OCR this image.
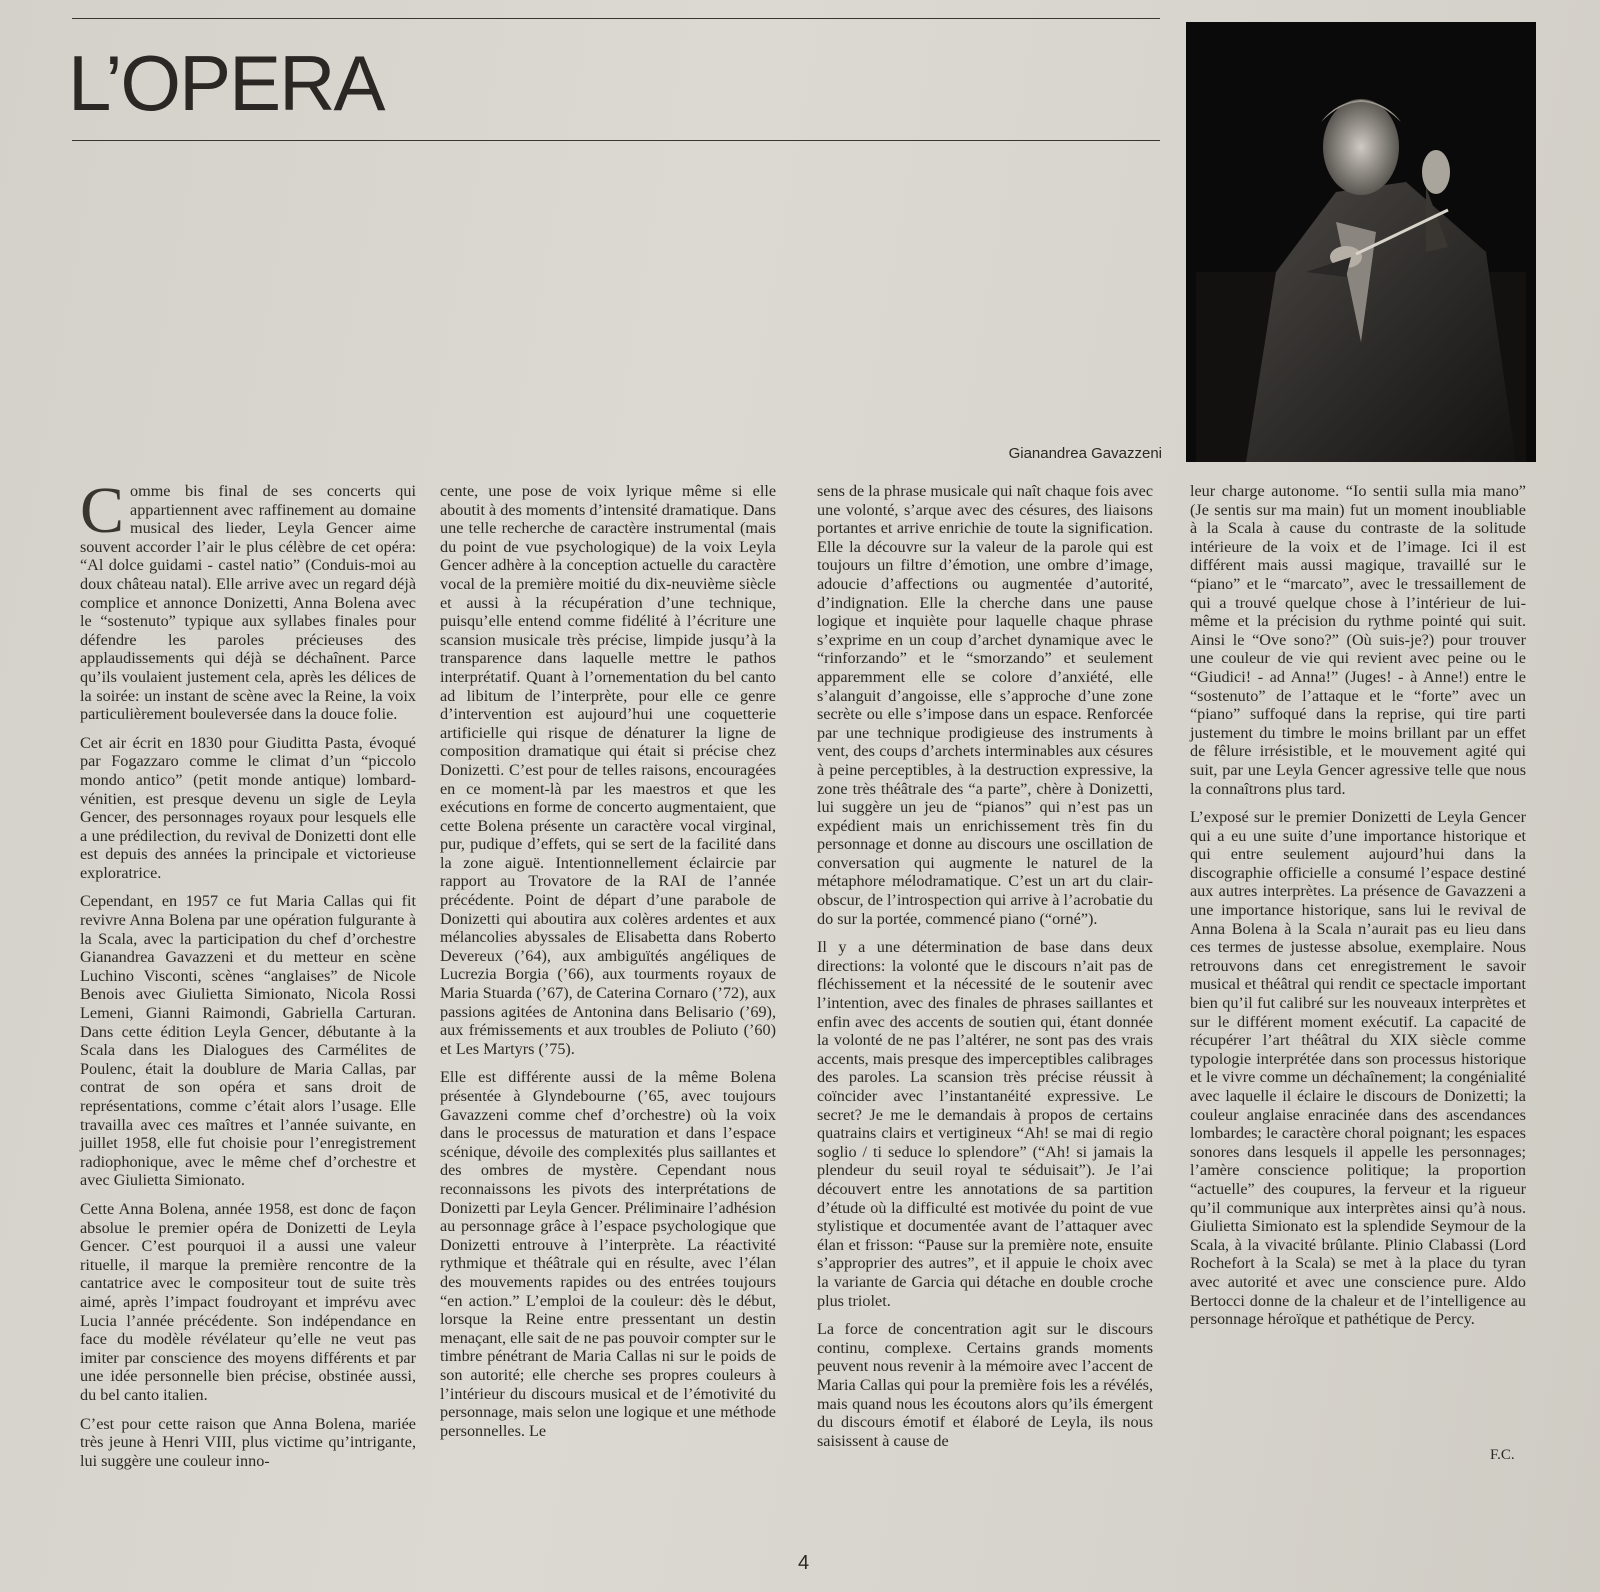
L’OPERA
Gianandrea Gavazzeni

Comme bis final de ses concerts qui appartiennent avec raffinement au domaine musical des lieder, Leyla Gencer aime souvent accorder l’air le plus célèbre de cet opéra: “Al dolce guidami - castel natio” (Conduis-moi au doux château natal). Elle arrive avec un regard déjà complice et annonce Donizetti, Anna Bolena avec le “sostenuto” typique aux syllabes finales pour défendre les paroles précieuses des applaudissements qui déjà se déchaînent. Parce qu’ils voulaient justement cela, après les délices de la soirée: un instant de scène avec la Reine, la voix particulièrement bouleversée dans la douce folie.

Cet air écrit en 1830 pour Giuditta Pasta, évoqué par Fogazzaro comme le climat d’un “piccolo mondo antico” (petit monde antique) lombard-vénitien, est presque devenu un sigle de Leyla Gencer, des personnages royaux pour lesquels elle a une prédilection, du revival de Donizetti dont elle est depuis des années la principale et victorieuse exploratrice.

Cependant, en 1957 ce fut Maria Callas qui fit revivre Anna Bolena par une opération fulgurante à la Scala, avec la participation du chef d’orchestre Gianandrea Gavazzeni et du metteur en scène Luchino Visconti, scènes “anglaises” de Nicole Benois avec Giulietta Simionato, Nicola Rossi Lemeni, Gianni Raimondi, Gabriella Carturan. Dans cette édition Leyla Gencer, débutante à la Scala dans les Dialogues des Carmélites de Poulenc, était la doublure de Maria Callas, par contrat de son opéra et sans droit de représentations, comme c’était alors l’usage. Elle travailla avec ces maîtres et l’année suivante, en juillet 1958, elle fut choisie pour l’enregistrement radiophonique, avec le même chef d’orchestre et avec Giulietta Simionato.

Cette Anna Bolena, année 1958, est donc de façon absolue le premier opéra de Donizetti de Leyla Gencer. C’est pourquoi il a aussi une valeur rituelle, il marque la première rencontre de la cantatrice avec le compositeur tout de suite très aimé, après l’impact foudroyant et imprévu avec Lucia l’année précédente. Son indépendance en face du modèle révélateur qu’elle ne veut pas imiter par conscience des moyens différents et par une idée personnelle bien précise, obstinée aussi, du bel canto italien.

C’est pour cette raison que Anna Bolena, mariée très jeune à Henri VIII, plus victime qu’intrigante, lui suggère une couleur inno-

cente, une pose de voix lyrique même si elle aboutit à des moments d’intensité dramatique. Dans une telle recherche de caractère instrumental (mais du point de vue psychologique) de la voix Leyla Gencer adhère à la conception actuelle du caractère vocal de la première moitié du dix-neuvième siècle et aussi à la récupération d’une technique, puisqu’elle entend comme fidélité à l’écriture une scansion musicale très précise, limpide jusqu’à la transparence dans laquelle mettre le pathos interprétatif. Quant à l’ornementation du bel canto ad libitum de l’interprète, pour elle ce genre d’intervention est aujourd’hui une coquetterie artificielle qui risque de dénaturer la ligne de composition dramatique qui était si précise chez Donizetti. C’est pour de telles raisons, encouragées en ce moment-là par les maestros et que les exécutions en forme de concerto augmentaient, que cette Bolena présente un caractère vocal virginal, pur, pudique d’effets, qui se sert de la facilité dans la zone aiguë. Intentionnellement éclaircie par rapport au Trovatore de la RAI de l’année précédente. Point de départ d’une parabole de Donizetti qui aboutira aux colères ardentes et aux mélancolies abyssales de Elisabetta dans Roberto Devereux (’64), aux ambiguïtés angéliques de Lucrezia Borgia (’66), aux tourments royaux de Maria Stuarda (’67), de Caterina Cornaro (’72), aux passions agitées de Antonina dans Belisario (’69), aux frémissements et aux troubles de Poliuto (’60) et Les Martyrs (’75).

Elle est différente aussi de la même Bolena présentée à Glyndebourne (’65, avec toujours Gavazzeni comme chef d’orchestre) où la voix dans le processus de maturation et dans l’espace scénique, dévoile des complexités plus saillantes et des ombres de mystère. Cependant nous reconnaissons les pivots des interprétations de Donizetti par Leyla Gencer. Préliminaire l’adhésion au personnage grâce à l’espace psychologique que Donizetti entrouve à l’interprète. La réactivité rythmique et théâtrale qui en résulte, avec l’élan des mouvements rapides ou des entrées toujours “en action.” L’emploi de la couleur: dès le début, lorsque la Reine entre pressentant un destin menaçant, elle sait de ne pas pouvoir compter sur le timbre pénétrant de Maria Callas ni sur le poids de son autorité; elle cherche ses propres couleurs à l’intérieur du discours musical et de l’émotivité du personnage, mais selon une logique et une méthode personnelles. Le

sens de la phrase musicale qui naît chaque fois avec une volonté, s’arque avec des césures, des liaisons portantes et arrive enrichie de toute la signification. Elle la découvre sur la valeur de la parole qui est toujours un filtre d’émotion, une ombre d’image, adoucie d’affections ou augmentée d’autorité, d’indignation. Elle la cherche dans une pause logique et inquiète pour laquelle chaque phrase s’exprime en un coup d’archet dynamique avec le “rinforzando” et le “smorzando” et seulement apparemment elle se colore d’anxiété, elle s’alanguit d’angoisse, elle s’approche d’une zone secrète ou elle s’impose dans un espace. Renforcée par une technique prodigieuse des instruments à vent, des coups d’archets interminables aux césures à peine perceptibles, à la destruction expressive, la zone très théâtrale des “a parte”, chère à Donizetti, lui suggère un jeu de “pianos” qui n’est pas un expédient mais un enrichissement très fin du personnage et donne au discours une oscillation de conversation qui augmente le naturel de la métaphore mélodramatique. C’est un art du clair-obscur, de l’introspection qui arrive à l’acrobatie du do sur la portée, commencé piano (“orné”).

Il y a une détermination de base dans deux directions: la volonté que le discours n’ait pas de fléchissement et la nécessité de le soutenir avec l’intention, avec des finales de phrases saillantes et enfin avec des accents de soutien qui, étant donnée la volonté de ne pas l’altérer, ne sont pas des vrais accents, mais presque des imperceptibles calibrages des paroles. La scansion très précise réussit à coïncider avec l’instantanéité expressive. Le secret? Je me le demandais à propos de certains quatrains clairs et vertigineux “Ah! se mai di regio soglio / ti seduce lo splendore” (“Ah! si jamais la plendeur du seuil royal te séduisait”). Je l’ai découvert entre les annotations de sa partition d’étude où la difficulté est motivée du point de vue stylistique et documentée avant de l’attaquer avec élan et frisson: “Pause sur la première note, ensuite s’approprier des autres”, et il appuie le choix avec la variante de Garcia qui détache en double croche plus triolet.

La force de concentration agit sur le discours continu, complexe. Certains grands moments peuvent nous revenir à la mémoire avec l’accent de Maria Callas qui pour la première fois les a révélés, mais quand nous les écoutons alors qu’ils émergent du discours émotif et élaboré de Leyla, ils nous saisissent à cause de

leur charge autonome. “Io sentii sulla mia mano” (Je sentis sur ma main) fut un moment inoubliable à la Scala à cause du contraste de la solitude intérieure de la voix et de l’image. Ici il est différent mais aussi magique, travaillé sur le “piano” et le “marcato”, avec le tressaillement de qui a trouvé quelque chose à l’intérieur de lui-même et la précision du rythme pointé qui suit. Ainsi le “Ove sono?” (Où suis-je?) pour trouver une couleur de vie qui revient avec peine ou le “Giudici! - ad Anna!” (Juges! - à Anne!) entre le “sostenuto” de l’attaque et le “forte” avec un “piano” suffoqué dans la reprise, qui tire parti justement du timbre le moins brillant par un effet de fêlure irrésistible, et le mouvement agité qui suit, par une Leyla Gencer agressive telle que nous la connaîtrons plus tard.

L’exposé sur le premier Donizetti de Leyla Gencer qui a eu une suite d’une importance historique et qui entre seulement aujourd’hui dans la discographie officielle a consumé l’espace destiné aux autres interprètes. La présence de Gavazzeni a une importance historique, sans lui le revival de Anna Bolena à la Scala n’aurait pas eu lieu dans ces termes de justesse absolue, exemplaire. Nous retrouvons dans cet enregistrement le savoir musical et théâtral qui rendit ce spectacle important bien qu’il fut calibré sur les nouveaux interprètes et sur le différent moment exécutif. La capacité de récupérer l’art théâtral du XIX siècle comme typologie interprétée dans son processus historique et le vivre comme un déchaînement; la congénialité avec laquelle il éclaire le discours de Donizetti; la couleur anglaise enracinée dans des ascendances lombardes; le caractère choral poignant; les espaces sonores dans lesquels il appelle les personnages; l’amère conscience politique; la proportion “actuelle” des coupures, la ferveur et la rigueur qu’il communique aux interprètes ainsi qu’à nous. Giulietta Simionato est la splendide Seymour de la Scala, à la vivacité brûlante. Plinio Clabassi (Lord Rochefort à la Scala) se met à la place du tyran avec autorité et avec une conscience pure. Aldo Bertocci donne de la chaleur et de l’intelligence au personnage héroïque et pathétique de Percy.

F.C.
4
